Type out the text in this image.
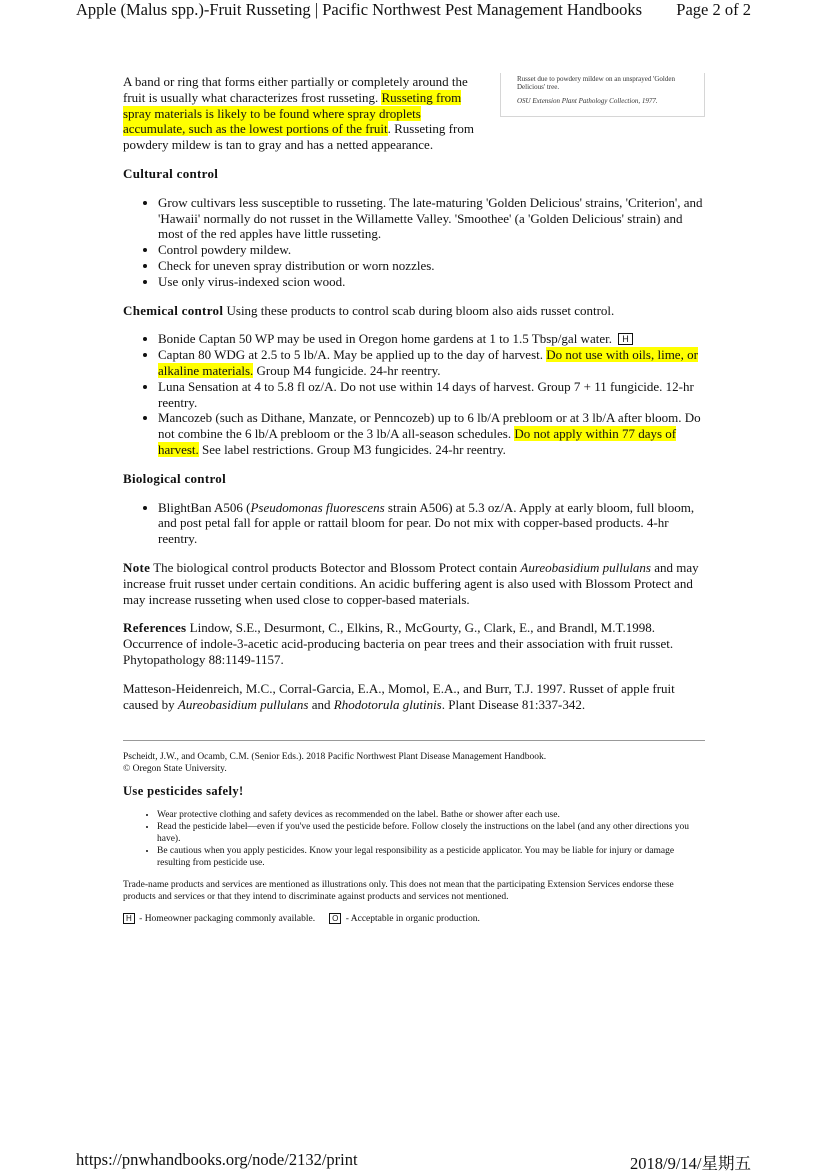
Apple (Malus spp.)-Fruit Russeting | Pacific Northwest Pest Management Handbooks Page 2 of 2
Russet due to powdery mildew on an unsprayed 'Golden Delicious' tree.
OSU Extension Plant Pathology Collection, 1977.

A band or ring that forms either partially or completely around the fruit is usually what characterizes frost russeting. Russeting from spray materials is likely to be found where spray droplets accumulate, such as the lowest portions of the fruit. Russeting from powdery mildew is tan to gray and has a netted appearance.

Cultural control
• Grow cultivars less susceptible to russeting. The late-maturing 'Golden Delicious' strains, 'Criterion', and 'Hawaii' normally do not russet in the Willamette Valley. 'Smoothee' (a 'Golden Delicious' strain) and most of the red apples have little russeting.
• Control powdery mildew.
• Check for uneven spray distribution or worn nozzles.
• Use only virus-indexed scion wood.

Chemical control Using these products to control scab during bloom also aids russet control.

• Bonide Captan 50 WP may be used in Oregon home gardens at 1 to 1.5 Tbsp/gal water. H
• Captan 80 WDG at 2.5 to 5 lb/A. May be applied up to the day of harvest. Do not use with oils, lime, or alkaline materials. Group M4 fungicide. 24-hr reentry.
• Luna Sensation at 4 to 5.8 fl oz/A. Do not use within 14 days of harvest. Group 7 + 11 fungicide. 12-hr reentry.
• Mancozeb (such as Dithane, Manzate, or Penncozeb) up to 6 lb/A prebloom or at 3 lb/A after bloom. Do not combine the 6 lb/A prebloom or the 3 lb/A all-season schedules. Do not apply within 77 days of harvest. See label restrictions. Group M3 fungicides. 24-hr reentry.
Biological control
• BlightBan A506 (Pseudomonas fluorescens strain A506) at 5.3 oz/A. Apply at early bloom, full bloom, and post petal fall for apple or rattail bloom for pear. Do not mix with copper-based products. 4-hr reentry.

Note The biological control products Botector and Blossom Protect contain Aureobasidium pullulans and may increase fruit russet under certain conditions. An acidic buffering agent is also used with Blossom Protect and may increase russeting when used close to copper-based materials.

References Lindow, S.E., Desurmont, C., Elkins, R., McGourty, G., Clark, E., and Brandl, M.T.1998. Occurrence of indole-3-acetic acid-producing bacteria on pear trees and their association with fruit russet. Phytopathology 88:1149-1157.

Matteson-Heidenreich, M.C., Corral-Garcia, E.A., Momol, E.A., and Burr, T.J. 1997. Russet of apple fruit caused by Aureobasidium pullulans and Rhodotorula glutinis. Plant Disease 81:337-342.

Pscheidt, J.W., and Ocamb, C.M. (Senior Eds.). 2018 Pacific Northwest Plant Disease Management Handbook.
© Oregon State University.

Use pesticides safely!
• Wear protective clothing and safety devices as recommended on the label. Bathe or shower after each use.
• Read the pesticide label—even if you've used the pesticide before. Follow closely the instructions on the label (and any other directions you have).
• Be cautious when you apply pesticides. Know your legal responsibility as a pesticide applicator. You may be liable for injury or damage resulting from pesticide use.

Trade-name products and services are mentioned as illustrations only. This does not mean that the participating Extension Services endorse these products and services or that they intend to discriminate against products and services not mentioned.

H - Homeowner packaging commonly available. O - Acceptable in organic production.
https://pnwhandbooks.org/node/2132/print	2018/9/14/星期五
